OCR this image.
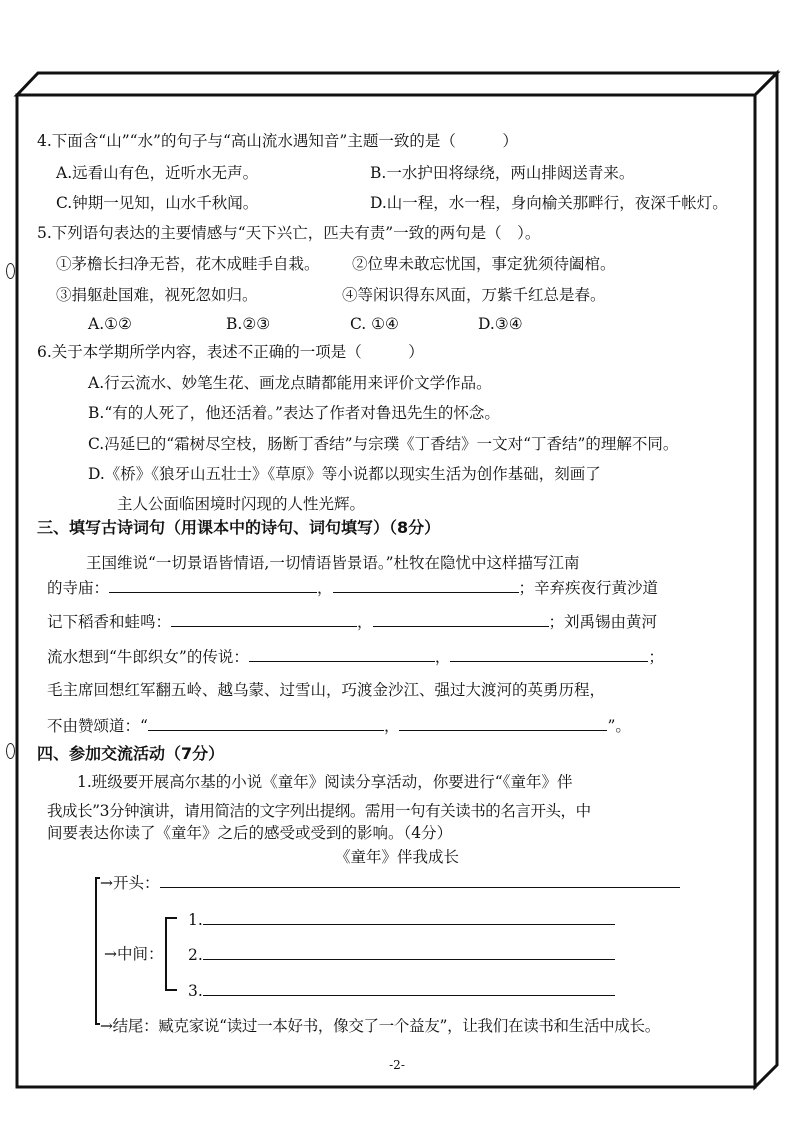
4.下面含“山”“水”的句子与“高山流水遇知音”主题一致的是（　　　）
A.远看山有色，近听水无声。	B.一水护田将绿绕，两山排闼送青来。
C.钟期一见知，山水千秋闻。	D.山一程，水一程，身向榆关那畔行，夜深千帐灯。
5.下列语句表达的主要情感与“天下兴亡，匹夫有责”一致的两句是（　）。
①茅檐长扫净无苔，花木成畦手自栽。 ②位卑未敢忘忧国，事定犹须待阖棺。
③捐躯赴国难，视死忽如归。	④等闲识得东风面，万紫千红总是春。
A.①②	B.②③	C. ①④	D.③④
6.关于本学期所学内容，表述不正确的一项是（　　　）
A.行云流水、妙笔生花、画龙点睛都能用来评价文学作品。
B.“有的人死了，他还活着。”表达了作者对鲁迅先生的怀念。
C.冯延巳的“霜树尽空枝，肠断丁香结”与宗璞《丁香结》一文对“丁香结”的理解不同。
D.《桥》《狼牙山五壮士》《草原》等小说都以现实生活为创作基础，刻画了
主人公面临困境时闪现的人性光辉。
三、填写古诗词句（用课本中的诗句、词句填写）（8分）
王国维说“一切景语皆情语,一切情语皆景语。”杜牧在隐忧中这样描写江南
的寺庙：	，	；辛弃疾夜行黄沙道
记下稻香和蛙鸣：	，	；刘禹锡由黄河
流水想到“牛郎织女”的传说：	，	；
毛主席回想红军翻五岭、越乌蒙、过雪山，巧渡金沙江、强过大渡河的英勇历程，
不由赞颂道：“	，	”。
四、参加交流活动（7分）
1.班级要开展高尔基的小说《童年》阅读分享活动，你要进行“《童年》伴
我成长”3分钟演讲，请用简洁的文字列出提纲。需用一句有关读书的名言开头，中
间要表达你读了《童年》之后的感受或受到的影响。（4分）
《童年》伴我成长
→开头：
1.
→中间： 2.
3.
→结尾：臧克家说“读过一本好书，像交了一个益友”，让我们在读书和生活中成长。
-2-
